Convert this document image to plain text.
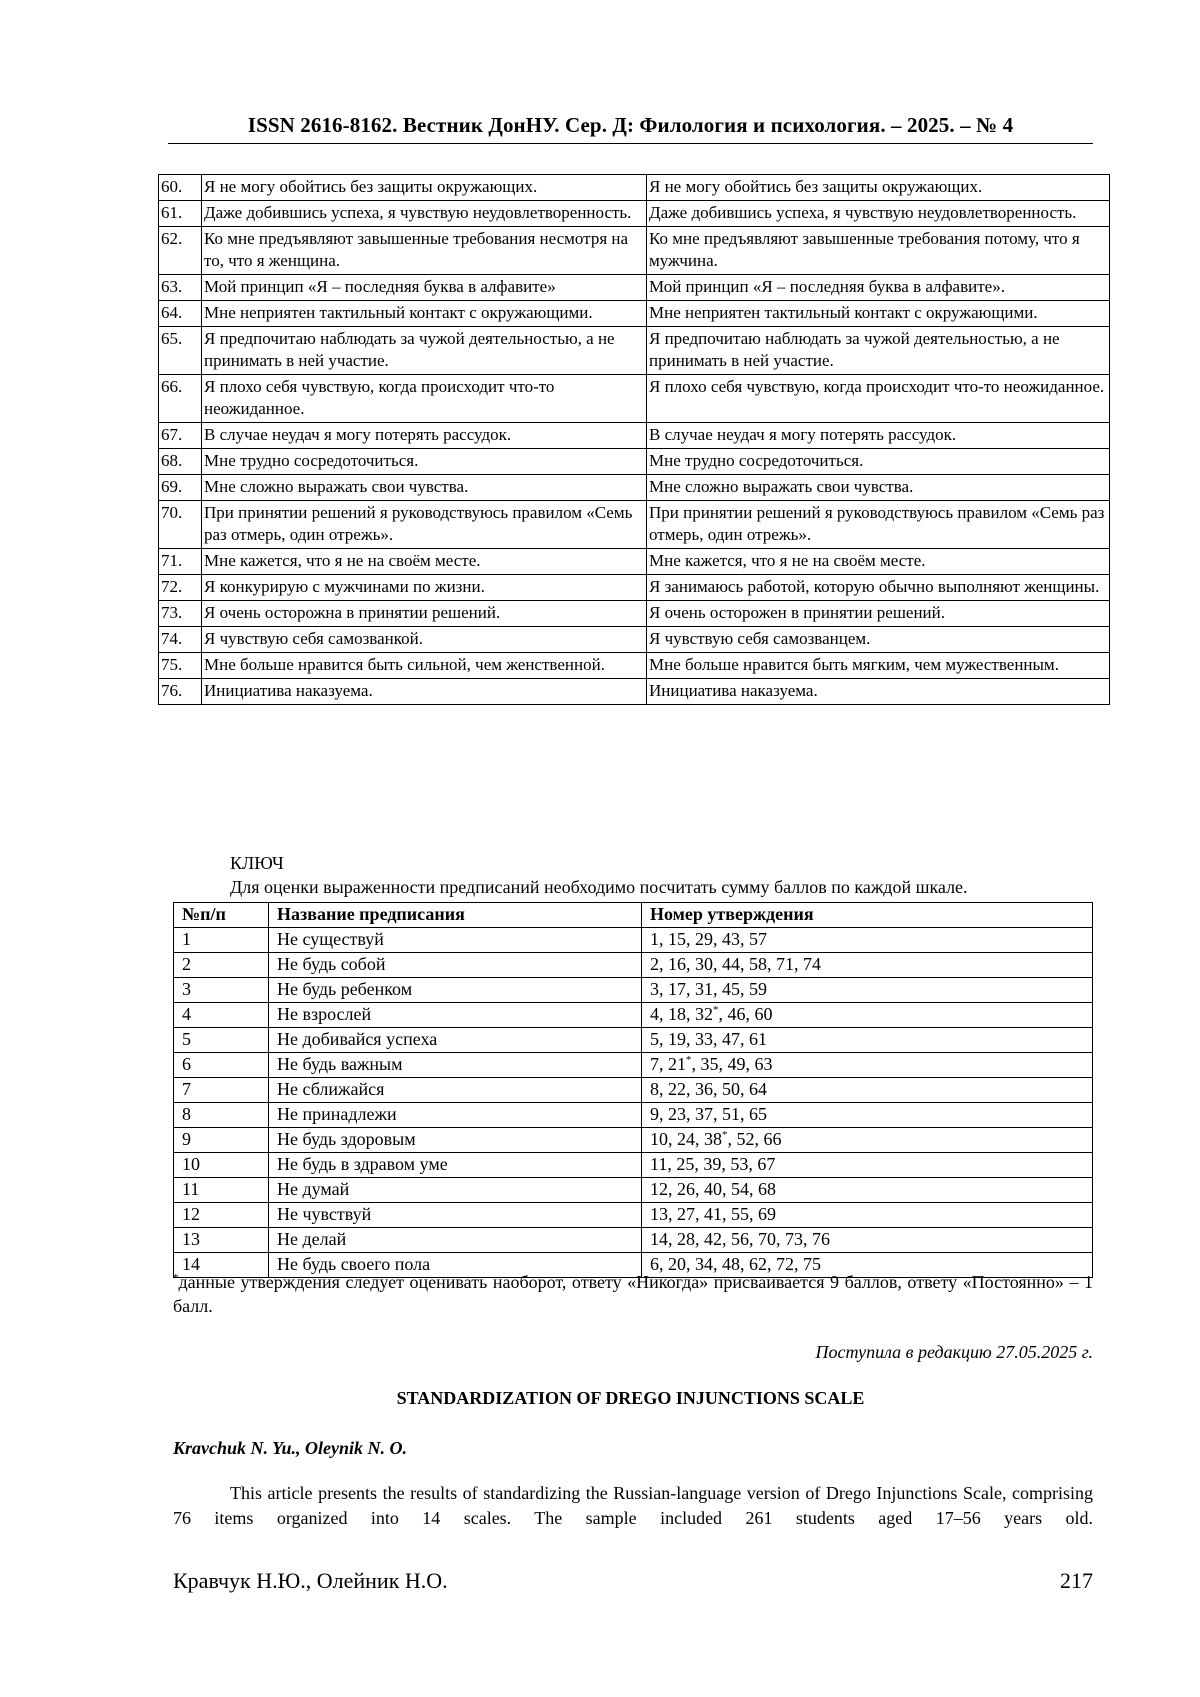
ISSN 2616-8162. Вестник ДонНУ. Сер. Д: Филология и психология. – 2025. – № 4
60.	Я не могу обойтись без защиты окружающих.	Я не могу обойтись без защиты окружающих.
61.	Даже добившись успеха, я чувствую неудовлетворенность.	Даже добившись успеха, я чувствую неудовлетворенность.
62.	Ко мне предъявляют завышенные требования несмотря на то, что я женщина.	Ко мне предъявляют завышенные требования потому, что я мужчина.
63.	Мой принцип «Я – последняя буква в алфавите»	Мой принцип «Я – последняя буква в алфавите».
64.	Мне неприятен тактильный контакт с окружающими.	Мне неприятен тактильный контакт с окружающими.
65.	Я предпочитаю наблюдать за чужой деятельностью, а не принимать в ней участие.	Я предпочитаю наблюдать за чужой деятельностью, а не принимать в ней участие.
66.	Я плохо себя чувствую, когда происходит что-то неожиданное.	Я плохо себя чувствую, когда происходит что-то неожиданное.
67.	В случае неудач я могу потерять рассудок.	В случае неудач я могу потерять рассудок.
68.	Мне трудно сосредоточиться.	Мне трудно сосредоточиться.
69.	Мне сложно выражать свои чувства.	Мне сложно выражать свои чувства.
70.	При принятии решений я руководствуюсь правилом «Семь раз отмерь, один отрежь».	При принятии решений я руководствуюсь правилом «Семь раз отмерь, один отрежь».
71.	Мне кажется, что я не на своём месте.	Мне кажется, что я не на своём месте.
72.	Я конкурирую с мужчинами по жизни.	Я занимаюсь работой, которую обычно выполняют женщины.
73.	Я очень осторожна в принятии решений.	Я очень осторожен в принятии решений.
74.	Я чувствую себя самозванкой.	Я чувствую себя самозванцем.
75.	Мне больше нравится быть сильной, чем женственной.	Мне больше нравится быть мягким, чем мужественным.
76.	Инициатива наказуема.	Инициатива наказуема.
КЛЮЧ
Для оценки выраженности предписаний необходимо посчитать сумму баллов по каждой шкале.
№п/п	Название предписания	Номер утверждения
1	Не существуй	1, 15, 29, 43, 57
2	Не будь собой	2, 16, 30, 44, 58, 71, 74
3	Не будь ребенком	3, 17, 31, 45, 59
4	Не взрослей	4, 18, 32*, 46, 60
5	Не добивайся успеха	5, 19, 33, 47, 61
6	Не будь важным	7, 21*, 35, 49, 63
7	Не сближайся	8, 22, 36, 50, 64
8	Не принадлежи	9, 23, 37, 51, 65
9	Не будь здоровым	10, 24, 38*, 52, 66
10	Не будь в здравом уме	11, 25, 39, 53, 67
11	Не думай	12, 26, 40, 54, 68
12	Не чувствуй	13, 27, 41, 55, 69
13	Не делай	14, 28, 42, 56, 70, 73, 76
14	Не будь своего пола	6, 20, 34, 48, 62, 72, 75
*данные утверждения следует оценивать наоборот, ответу «Никогда» присваивается 9 баллов, ответу «Постоянно» – 1 балл.
Поступила в редакцию 27.05.2025 г.
STANDARDIZATION OF DREGO INJUNCTIONS SCALE
Kravchuk N. Yu., Oleynik N. O.
This article presents the results of standardizing the Russian-language version of Drego Injunctions Scale, comprising 76 items organized into 14 scales. The sample included 261 students aged 17–56 years old.
Кравчук Н.Ю., Олейник Н.О.	217
